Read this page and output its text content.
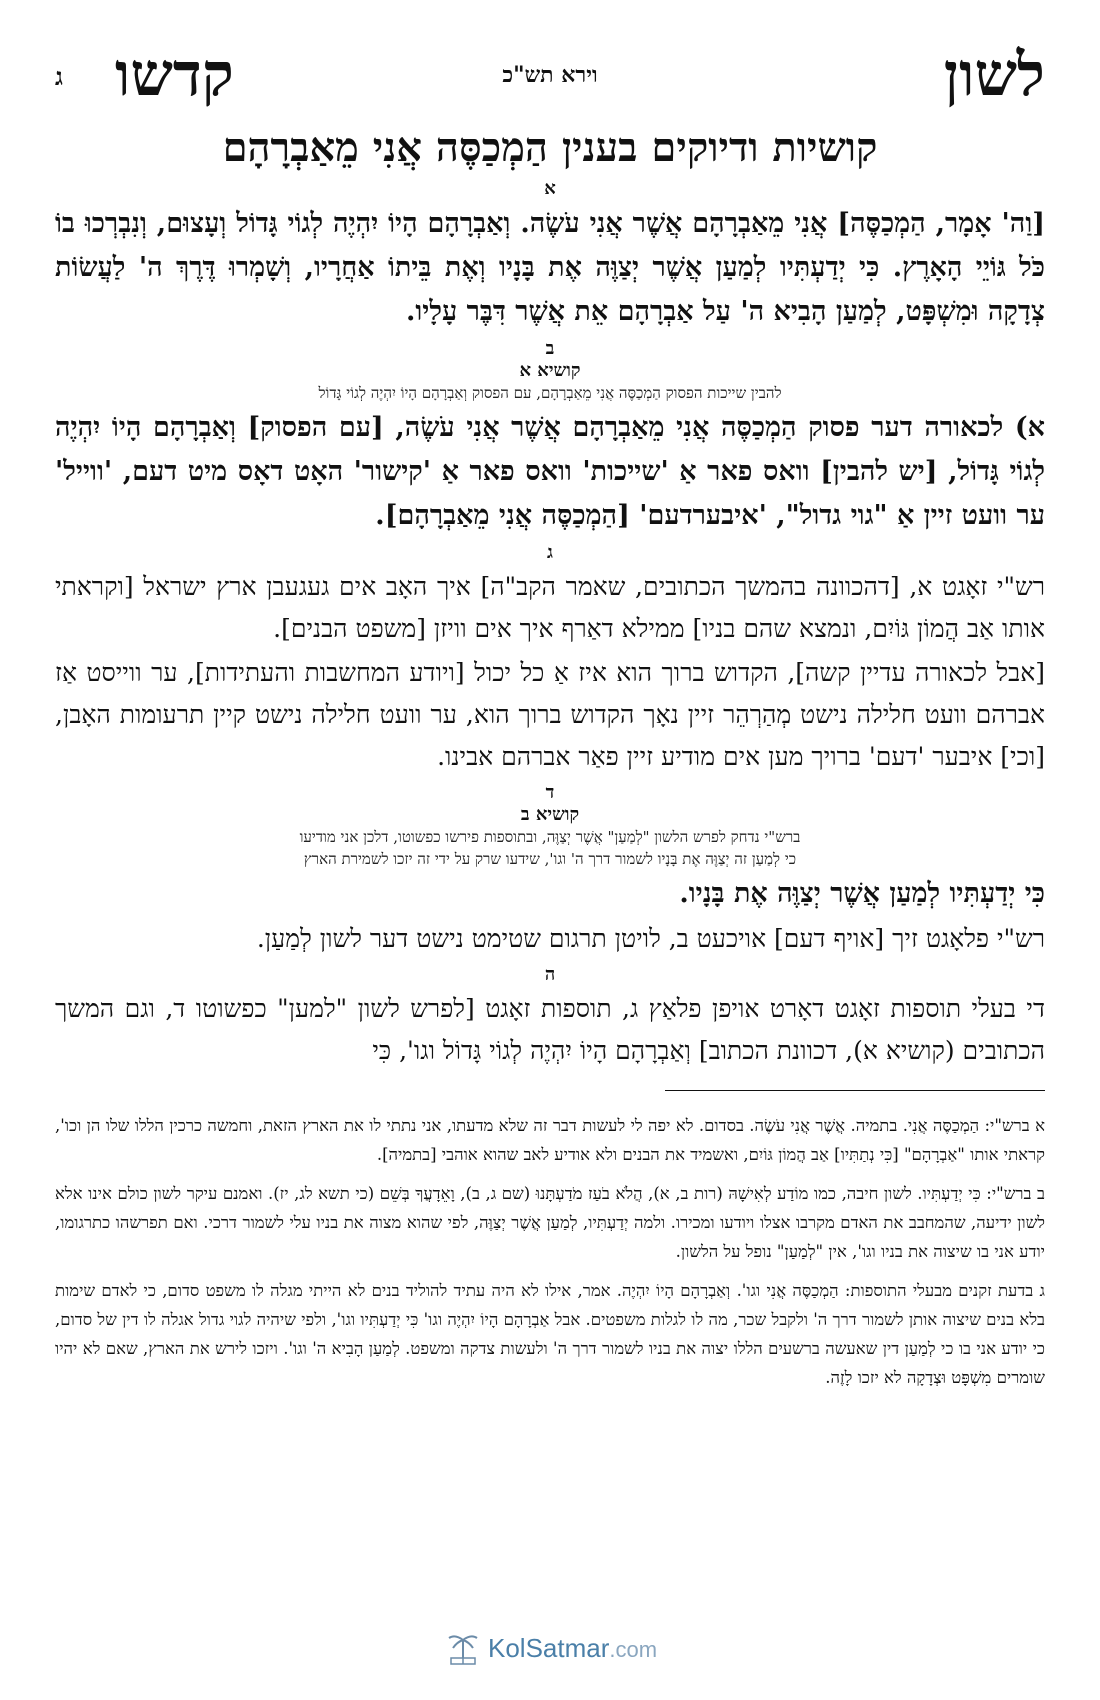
לשון
וירא תש"כ
קדשו
ג
קושיות ודיוקים בענין הַמְכַסֶּה אֲנִי מֵאַבְרָהָם
א

[וַה' אָמָר, הַמְכַסֶּה] אֲנִי מֵאַבְרָהָם אֲשֶׁר אֲנִי עֹשֶׂה. וְאַבְרָהָם הָיוֹ יִהְיֶה לְגוֹי גָּדוֹל וְעָצוּם, וְנִבְרְכוּ בוֹ כֹּל גּוֹיֵי הָאָרֶץ. כִּי יְדַעְתִּיו לְמַעַן אֲשֶׁר יְצַוֶּה אֶת בָּנָיו וְאֶת בֵּיתוֹ אַחֲרָיו, וְשָׁמְרוּ דֶּרֶךְ ה' לַעֲשׂוֹת צְדָקָה וּמִשְׁפָּט, לְמַעַן הָבִיא ה' עַל אַבְרָהָם אֵת אֲשֶׁר דִּבֶּר עָלָיו.

ב
קושיא א
להבין שייכות הפסוק הַמְכַסֶּה אֲנִי מֵאַבְרָהָם, עם הפסוק וְאַבְרָהָם הָיוֹ יִהְיֶה לְגוֹי גָּדוֹל

א) לכאורה דער פסוק הַמְכַסֶּה אֲנִי מֵאַבְרָהָם אֲשֶׁר אֲנִי עֹשֶׂה, [עם הפסוק] וְאַבְרָהָם הָיוֹ יִהְיֶה לְגוֹי גָּדוֹל, [יש להבין] וואס פאר אַ 'שייכות' וואס פאר אַ 'קישור' האָט דאָס מיט דעם, 'ווייל' ער וועט זיין אַ "גוי גדול", 'איבערדעם' [הַמְכַסֶּה אֲנִי מֵאַבְרָהָם].

ג

רש"י זאָגט א, [דהכוונה בהמשך הכתובים, שאמר הקב"ה] איך האָב אים געגעבן ארץ ישראל [וקראתי אותו אַב הֲמוֹן גּוֹיִם, ונמצא שהם בניו] ממילא דאַרף איך אים וויזן [משפט הבנים].

[אבל לכאורה עדיין קשה], הקדוש ברוך הוא איז אַ כל יכול [ויודע המחשבות והעתידות], ער ווייסט אַז אברהם וועט חלילה נישט מְהַרְהֵר זיין נאָך הקדוש ברוך הוא, ער וועט חלילה נישט קיין תרעומות האָבן, [וכי] איבער 'דעם' ברויך מען אים מודיע זיין פאַר אברהם אבינו.

ד
קושיא ב
ברש"י נדחק לפרש הלשון "לְמַעַן" אֲשֶׁר יְצַוֶּה, ובתוספות פירשו כפשוטו, דלכן אני מודיעו
כי לְמַעַן זה יְצַוֶּה אֶת בָּנָיו לשמור דרך ה' וגו', שידעו שרק על ידי זה יזכו לשמירת הארץ

כִּי יְדַעְתִּיו לְמַעַן אֲשֶׁר יְצַוֶּה אֶת בָּנָיו.

רש"י פלאָגט זיך [אויף דעם] אויכעט ב, לויטן תרגום שטימט נישט דער לשון לְמַעַן.

ה

די בעלי תוספות זאָגט דאָרט אויפן פלאַץ ג, תוספות זאָגט [לפרש לשון "למען" כפשוטו ד, וגם המשך הכתובים (קושיא א), דכוונת הכתוב] וְאַבְרָהָם הָיוֹ יִהְיֶה לְגוֹי גָּדוֹל וגו', כִּי

א ברש"י: הַמְכַסֶּה אֲנִי. בתמיה. אֲשֶׁר אֲנִי עֹשֶׂה. בסדום. לא יפה לי לעשות דבר זה שלא מדעתו, אני נתתי לו את הארץ הזאת, וחמשה כרכין הללו שלו הן וכו', קראתי אותו "אַבְרָהָם" [כִּי נְתַתִּיו] אַב הֲמוֹן גּוֹיִם, ואשמיד את הבנים ולא אודיע לאב שהוא אוהבי [בתמיה].

ב ברש"י: כִּי יְדַעְתִּיו. לשון חיבה, כמו מוֹדַע לְאִישָׁהּ (רות ב, א), הֲלֹא בֹעַז מֹדַעְתָּנוּ (שם ג, ב), וָאֵדָעֲךָ בְּשֵׁם (כי תשא לג, יז). ואמנם עיקר לשון כולם אינו אלא לשון ידיעה, שהמחבב את האדם מקרבו אצלו ויודעו ומכירו. ולמה יְדַעְתִּיו, לְמַעַן אֲשֶׁר יְצַוֶּה, לפי שהוא מצוה את בניו עלי לשמור דרכי. ואם תפרשהו כתרגומו, יודע אני בו שיצוה את בניו וגו', אין "לְמַעַן" נופל על הלשון.

ג בדעת זקנים מבעלי התוספות: הַמְכַסֶּה אֲנִי וגו'. וְאַבְרָהָם הָיוֹ יִהְיֶה. אמר, אילו לא היה עתיד להוליד בנים לא הייתי מגלה לו משפט סדום, כי לאדם שימות בלא בנים שיצוה אותן לשמור דרך ה' ולקבל שכר, מה לו לגלות משפטים. אבל אַבְרָהָם הָיוֹ יִהְיֶה וגו' כִּי יְדַעְתִּיו וגו', ולפי שיהיה לגוי גדול אגלה לו דין של סדום, כי יודע אני בו כי לְמַעַן דין שאעשה ברשעים הללו יצוה את בניו לשמור דרך ה' ולעשות צדקה ומשפט. לְמַעַן הָבִיא ה' וגו'. ויזכו לירש את הארץ, שאם לא יהיו שומרים מִשְׁפָּט וּצְדָקָה לא יזכו לָזֶה.

KolSatmar.com
